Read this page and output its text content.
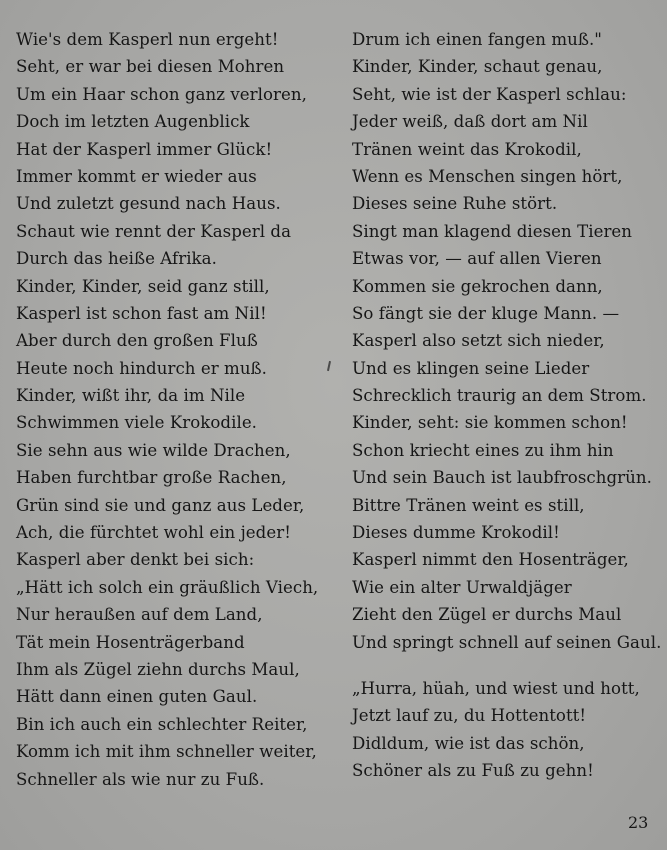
Wie's dem Kasperl nun ergeht!
Seht, er war bei diesen Mohren
Um ein Haar schon ganz verloren,
Doch im letzten Augenblick
Hat der Kasperl immer Glück!
Immer kommt er wieder aus
Und zuletzt gesund nach Haus.
Schaut wie rennt der Kasperl da
Durch das heiße Afrika.
Kinder, Kinder, seid ganz still,
Kasperl ist schon fast am Nil!
Aber durch den großen Fluß
Heute noch hindurch er muß.
Kinder, wißt ihr, da im Nile
Schwimmen viele Krokodile.
Sie sehn aus wie wilde Drachen,
Haben furchtbar große Rachen,
Grün sind sie und ganz aus Leder,
Ach, die fürchtet wohl ein jeder!
Kasperl aber denkt bei sich:
„Hätt ich solch ein gräußlich Viech,
Nur heraußen auf dem Land,
Tät mein Hosenträgerband
Ihm als Zügel ziehn durchs Maul,
Hätt dann einen guten Gaul.
Bin ich auch ein schlechter Reiter,
Komm ich mit ihm schneller weiter,
Schneller als wie nur zu Fuß.
Drum ich einen fangen muß."
Kinder, Kinder, schaut genau,
Seht, wie ist der Kasperl schlau:
Jeder weiß, daß dort am Nil
Tränen weint das Krokodil,
Wenn es Menschen singen hört,
Dieses seine Ruhe stört.
Singt man klagend diesen Tieren
Etwas vor, — auf allen Vieren
Kommen sie gekrochen dann,
So fängt sie der kluge Mann. —
Kasperl also setzt sich nieder,
Und es klingen seine Lieder
Schrecklich traurig an dem Strom.
Kinder, seht: sie kommen schon!
Schon kriecht eines zu ihm hin
Und sein Bauch ist laubfroschgrün.
Bittre Tränen weint es still,
Dieses dumme Krokodil!
Kasperl nimmt den Hosenträger,
Wie ein alter Urwaldjäger
Zieht den Zügel er durchs Maul
Und springt schnell auf seinen Gaul.
„Hurra, hüah, und wiest und hott,
Jetzt lauf zu, du Hottentott!
Didldum, wie ist das schön,
Schöner als zu Fuß zu gehn!
23
